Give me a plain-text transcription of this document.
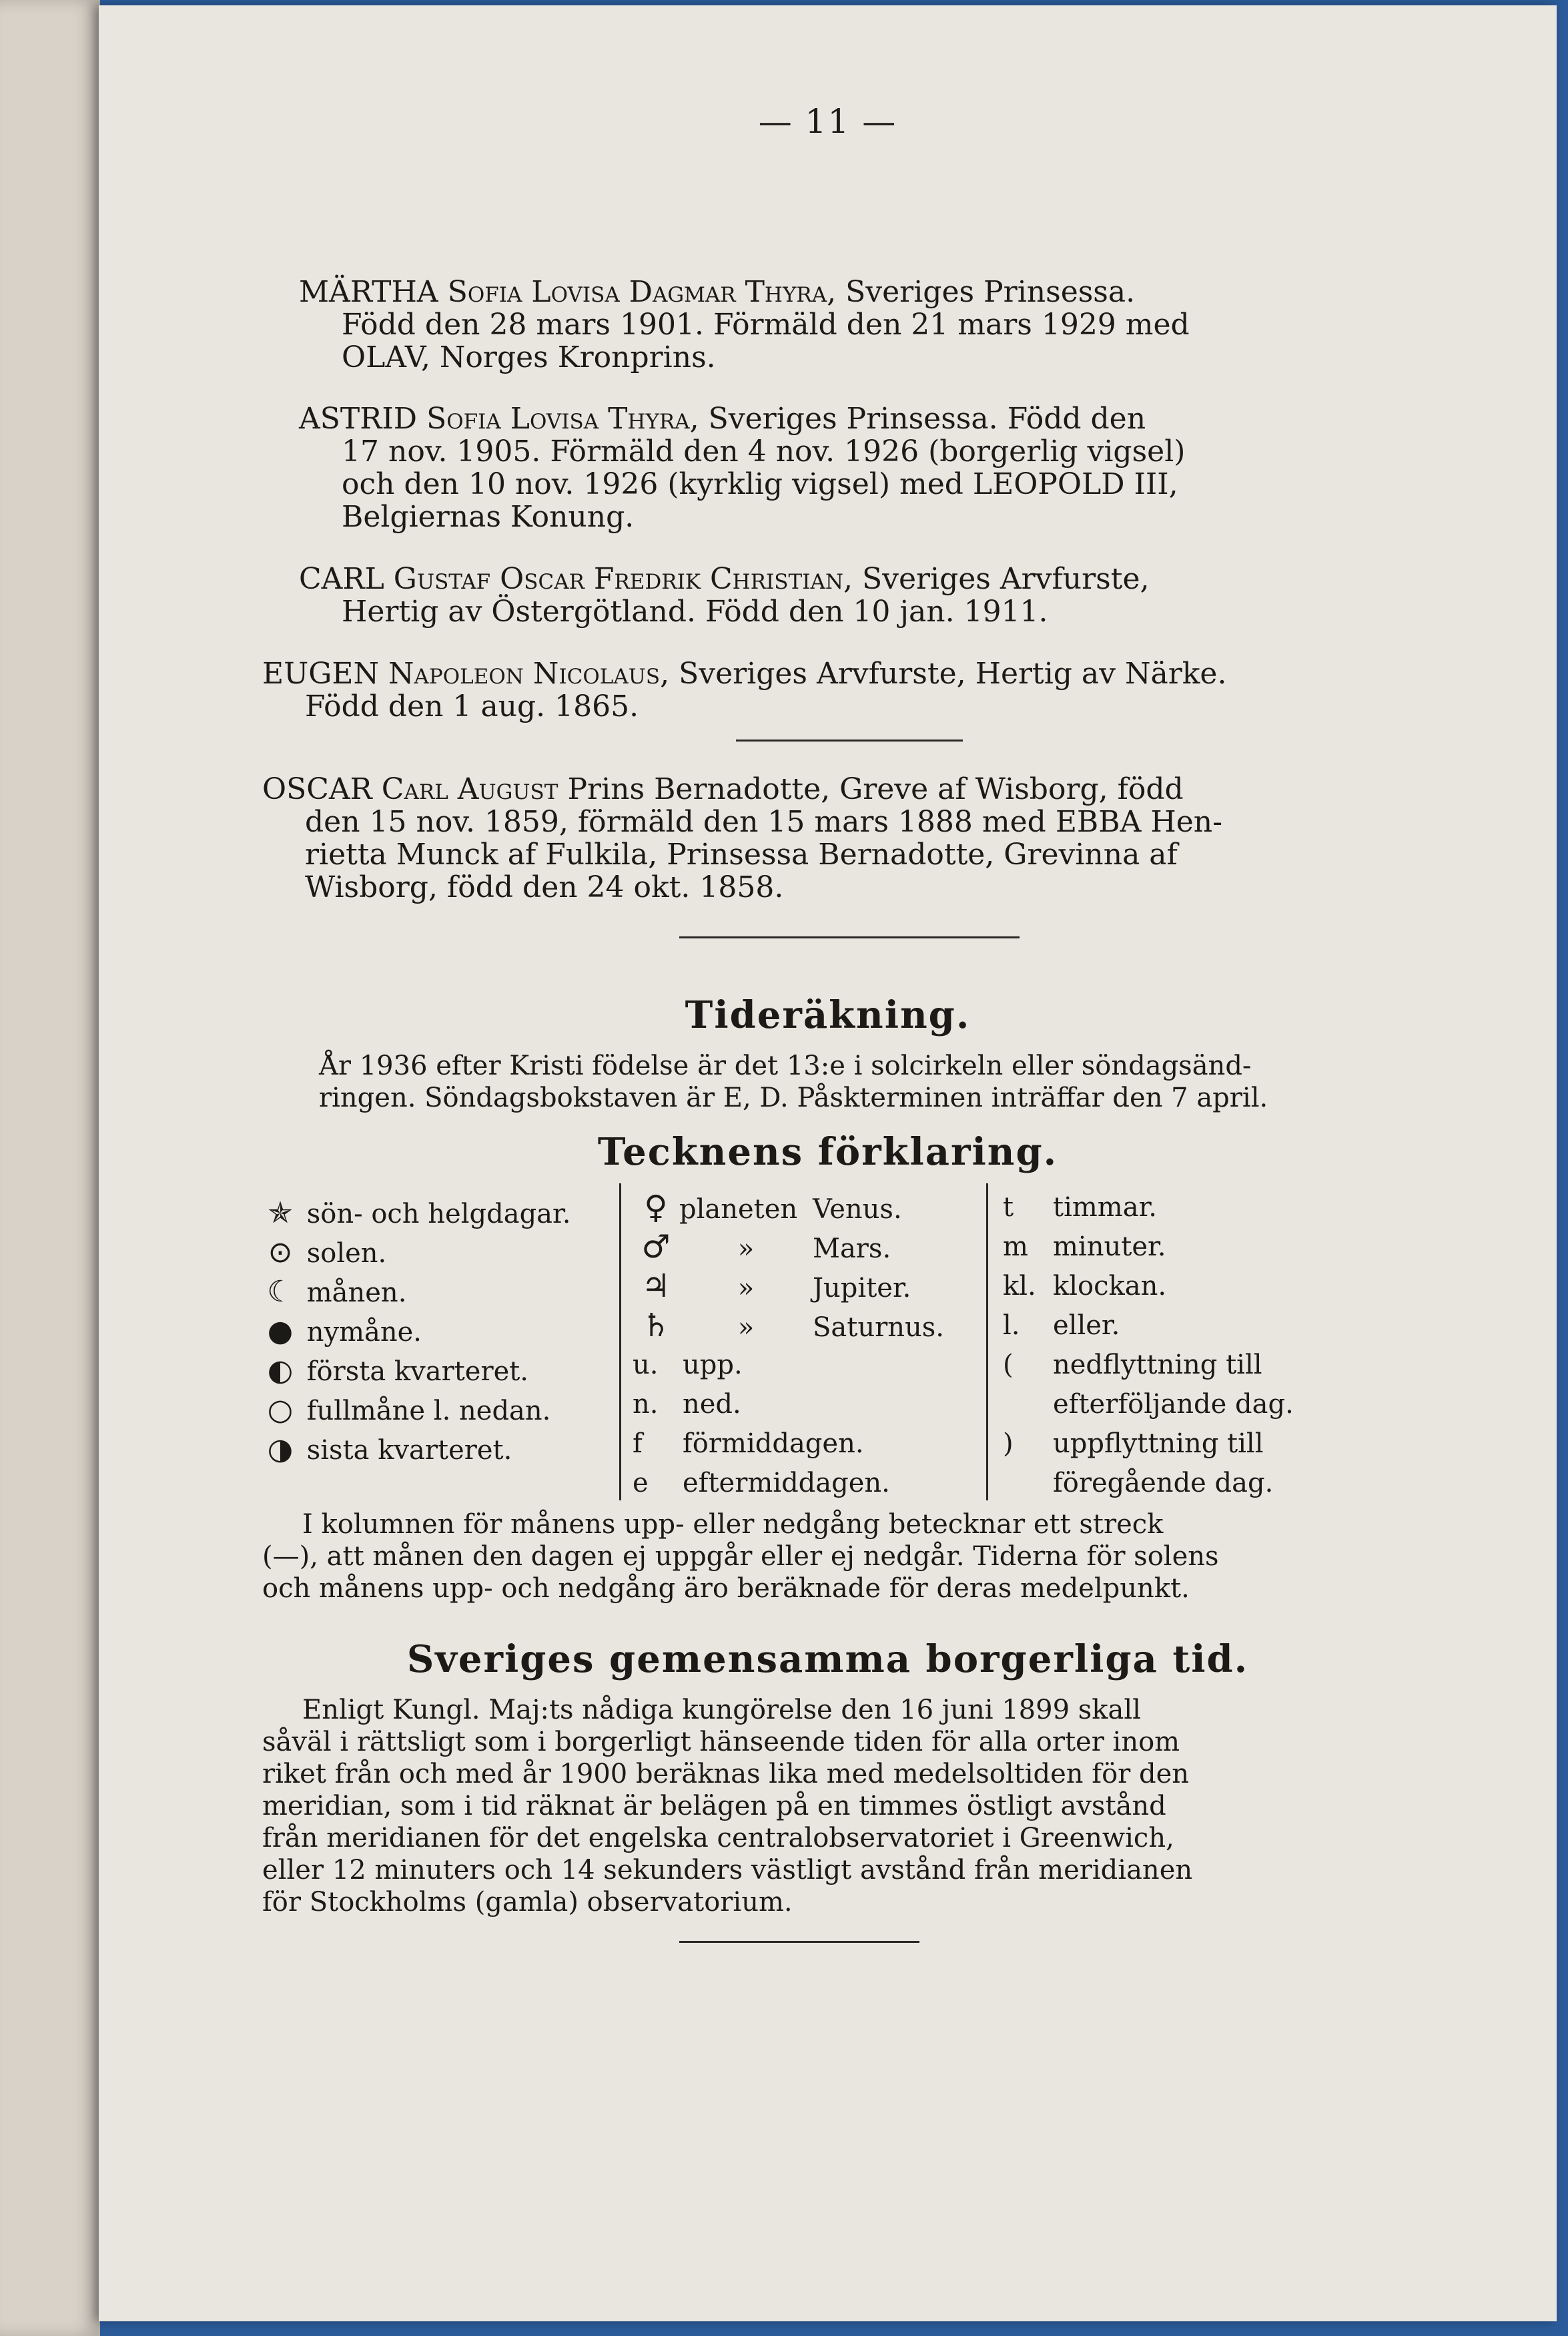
— 11 —
MÄRTHA Sofia Lovisa Dagmar Thyra, Sveriges Prinsessa.
Född den 28 mars 1901. Förmäld den 21 mars 1929 med
OLAV, Norges Kronprins.
ASTRID Sofia Lovisa Thyra, Sveriges Prinsessa. Född den
17 nov. 1905. Förmäld den 4 nov. 1926 (borgerlig vigsel)
och den 10 nov. 1926 (kyrklig vigsel) med LEOPOLD III,
Belgiernas Konung.
CARL Gustaf Oscar Fredrik Christian, Sveriges Arvfurste,
Hertig av Östergötland. Född den 10 jan. 1911.
EUGEN Napoleon Nicolaus, Sveriges Arvfurste, Hertig av Närke.
Född den 1 aug. 1865.
OSCAR Carl August Prins Bernadotte, Greve af Wisborg, född
den 15 nov. 1859, förmäld den 15 mars 1888 med EBBA Hen-
rietta Munck af Fulkila, Prinsessa Bernadotte, Grevinna af
Wisborg, född den 24 okt. 1858.
Tideräkning.
År 1936 efter Kristi födelse är det 13:e i solcirkeln eller söndagsänd-
ringen. Söndagsbokstaven är E, D. Påskterminen inträffar den 7 april.
Tecknens förklaring.
✯ sön- och helgdagar.
⊙ solen.
☾ månen.
● nymåne.
◐ första kvarteret.
○ fullmåne l. nedan.
◑ sista kvarteret.
♀ planeten Venus.
♂	» Mars.
♃	» Jupiter.
♄	» Saturnus.
u. upp.
n. ned.
f förmiddagen.
e eftermiddagen.
t timmar.
m minuter.
kl. klockan.
l. eller.
( nedflyttning till
efterföljande dag.
) uppflyttning till
föregående dag.
I kolumnen för månens upp- eller nedgång betecknar ett streck
(—), att månen den dagen ej uppgår eller ej nedgår. Tiderna för solens
och månens upp- och nedgång äro beräknade för deras medelpunkt.
Sveriges gemensamma borgerliga tid.
Enligt Kungl. Maj:ts nådiga kungörelse den 16 juni 1899 skall
såväl i rättsligt som i borgerligt hänseende tiden för alla orter inom
riket från och med år 1900 beräknas lika med medelsoltiden för den
meridian, som i tid räknat är belägen på en timmes östligt avstånd
från meridianen för det engelska centralobservatoriet i Greenwich,
eller 12 minuters och 14 sekunders västligt avstånd från meridianen
för Stockholms (gamla) observatorium.
